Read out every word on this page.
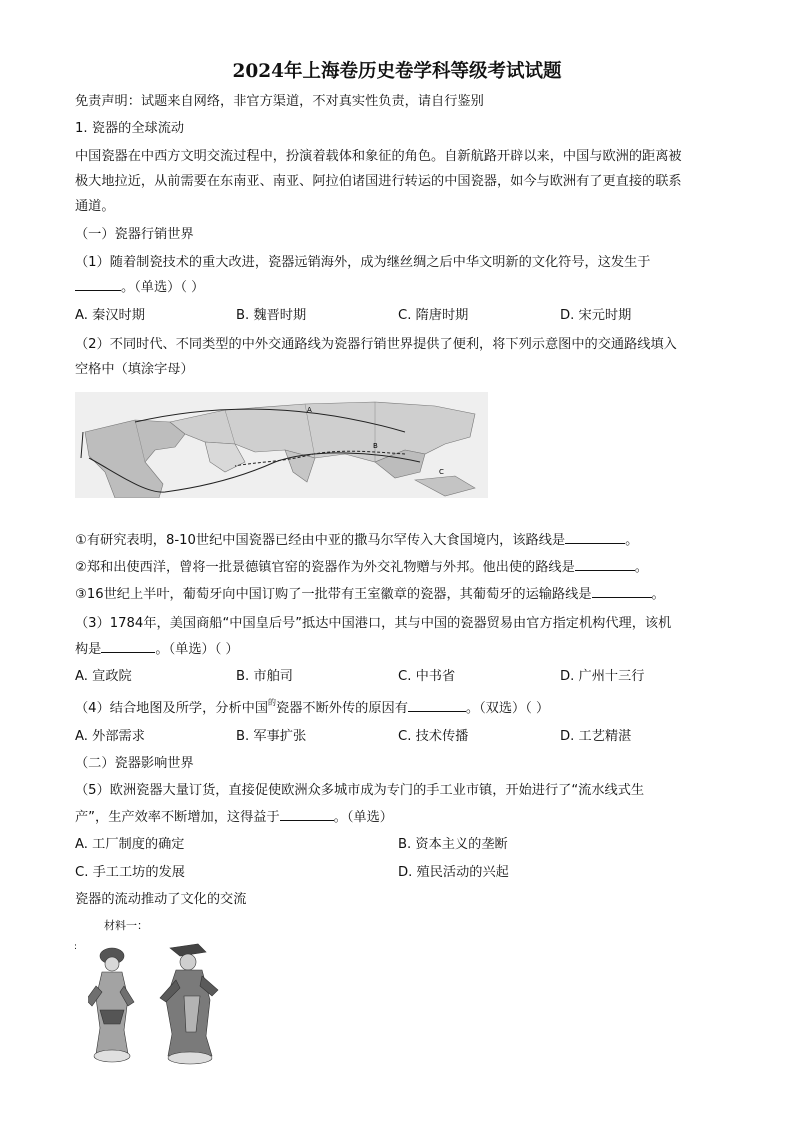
2024年上海卷历史卷学科等级考试试题
免责声明：试题来自网络，非官方渠道，不对真实性负责，请自行鉴别
1. 瓷器的全球流动
中国瓷器在中西方文明交流过程中，扮演着载体和象征的角色。自新航路开辟以来，中国与欧洲的距离被
极大地拉近，从前需要在东南亚、南亚、阿拉伯诸国进行转运的中国瓷器，如今与欧洲有了更直接的联系
通道。
（一）瓷器行销世界
（1）随着制瓷技术的重大改进，瓷器远销海外，成为继丝绸之后中华文明新的文化符号，这发生于
。（单选）（ ）
A. 秦汉时期	B. 魏晋时期	C. 隋唐时期	D. 宋元时期
（2）不同时代、不同类型的中外交通路线为瓷器行销世界提供了便利，将下列示意图中的交通路线填入
空格中（填涂字母）
A
B
C
①有研究表明，8-10世纪中国瓷器已经由中亚的撒马尔罕传入大食国境内，该路线是	。
②郑和出使西洋，曾将一批景德镇官窑的瓷器作为外交礼物赠与外邦。他出使的路线是	。
③16世纪上半叶，葡萄牙向中国订购了一批带有王室徽章的瓷器，其葡萄牙的运输路线是	。
（3）1784年，美国商船“中国皇后号”抵达中国港口，其与中国的瓷器贸易由官方指定机构代理，该机
构是	。（单选）（ ）
A. 宣政院	B. 市舶司	C. 中书省	D. 广州十三行
（4）结合地图及所学，分析中国$^的$瓷器不断外传的原因有	。（双选）（ ）
A. 外部需求	B. 军事扩张	C. 技术传播	D. 工艺精湛
（二）瓷器影响世界
（5）欧洲瓷器大量订货，直接促使欧洲众多城市成为专门的手工业市镇，开始进行了“流水线式生
产”，生产效率不断增加，这得益于	。（单选）
A. 工厂制度的确定	B. 资本主义的垄断
C. 手工工坊的发展	D. 殖民活动的兴起
瓷器的流动推动了文化的交流
材料一：
:
